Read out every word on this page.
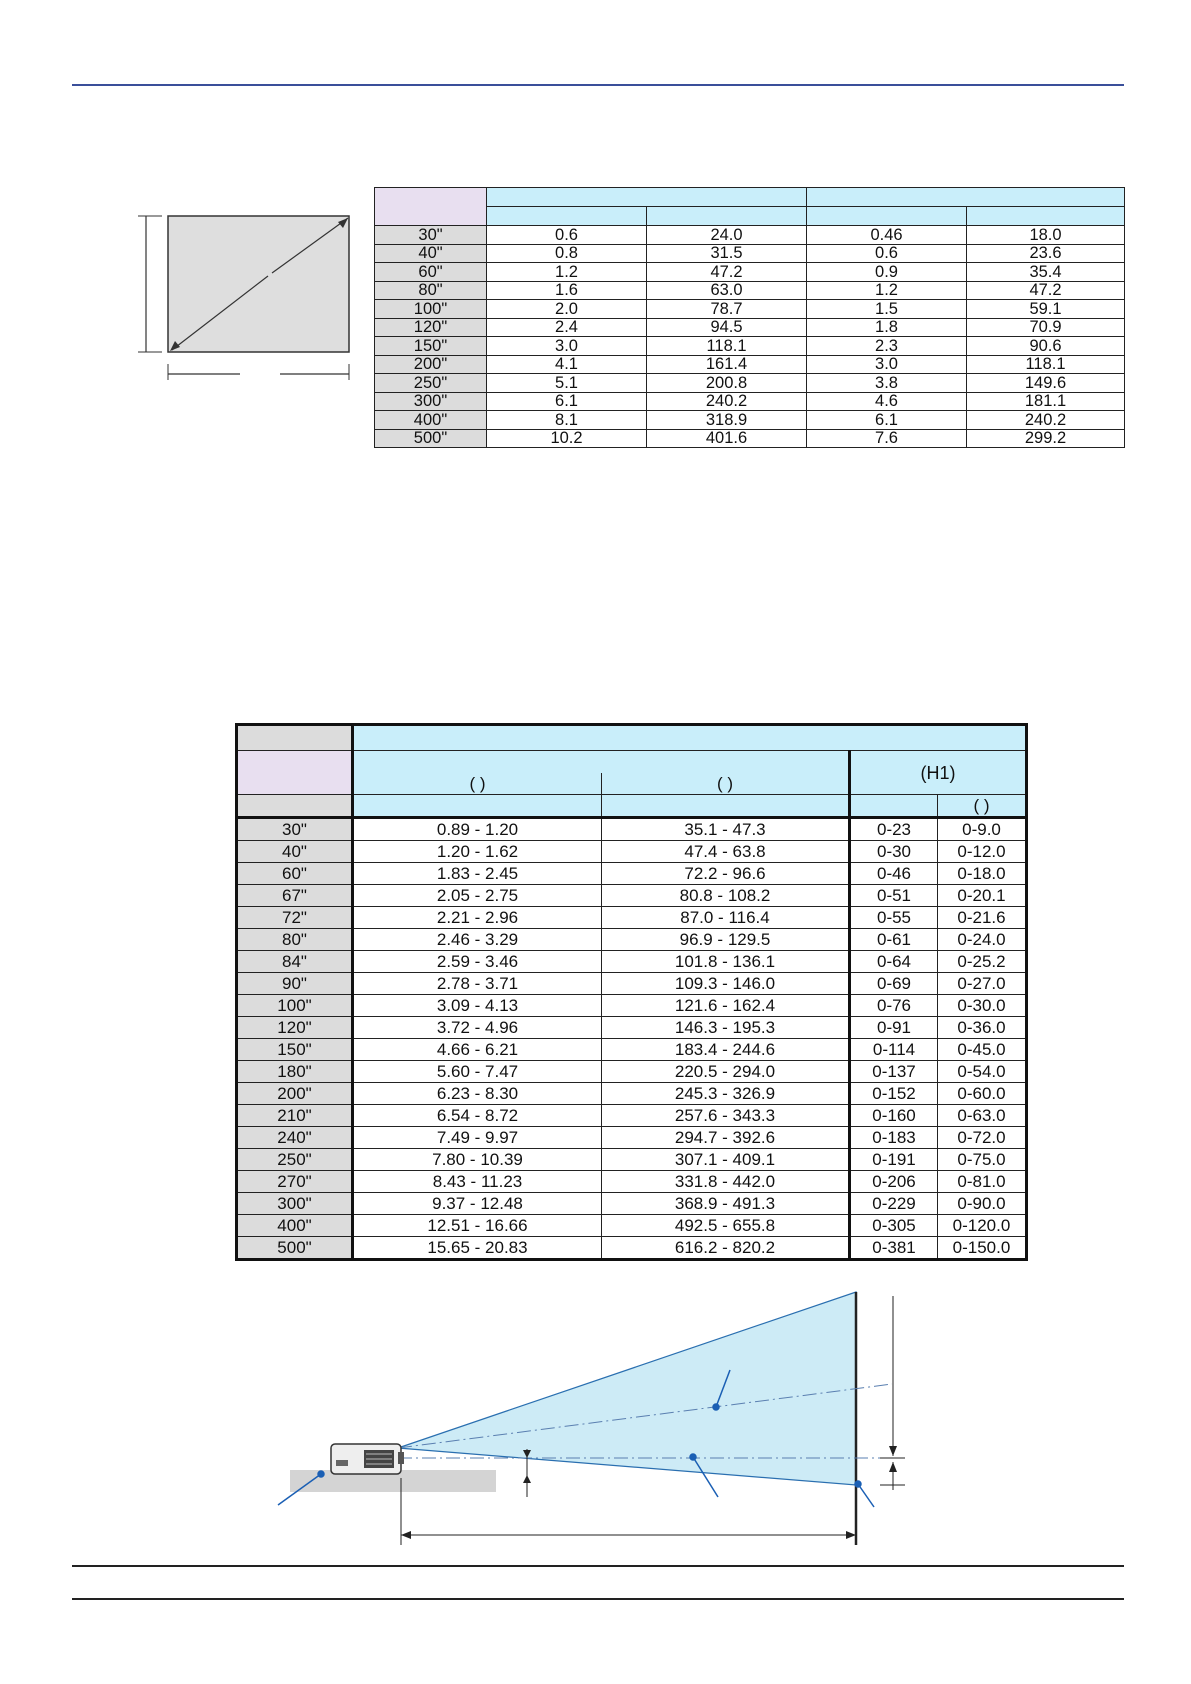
30"	0.6	24.0	0.46	18.0
40"	0.8	31.5	0.6	23.6
60"	1.2	47.2	0.9	35.4
80"	1.6	63.0	1.2	47.2
100"	2.0	78.7	1.5	59.1
120"	2.4	94.5	1.8	70.9
150"	3.0	118.1	2.3	90.6
200"	4.1	161.4	3.0	118.1
250"	5.1	200.8	3.8	149.6
300"	6.1	240.2	4.6	181.1
400"	8.1	318.9	6.1	240.2
500"	10.2	401.6	7.6	299.2

			(H1)	
	( )	( )		
				( )
30"	0.89 - 1.20	35.1 - 47.3	0-23	0-9.0
40"	1.20 - 1.62	47.4 - 63.8	0-30	0-12.0
60"	1.83 - 2.45	72.2 - 96.6	0-46	0-18.0
67"	2.05 - 2.75	80.8 - 108.2	0-51	0-20.1
72"	2.21 - 2.96	87.0 - 116.4	0-55	0-21.6
80"	2.46 - 3.29	96.9 - 129.5	0-61	0-24.0
84"	2.59 - 3.46	101.8 - 136.1	0-64	0-25.2
90"	2.78 - 3.71	109.3 - 146.0	0-69	0-27.0
100"	3.09 - 4.13	121.6 - 162.4	0-76	0-30.0
120"	3.72 - 4.96	146.3 - 195.3	0-91	0-36.0
150"	4.66 - 6.21	183.4 - 244.6	0-114	0-45.0
180"	5.60 - 7.47	220.5 - 294.0	0-137	0-54.0
200"	6.23 - 8.30	245.3 - 326.9	0-152	0-60.0
210"	6.54 - 8.72	257.6 - 343.3	0-160	0-63.0
240"	7.49 - 9.97	294.7 - 392.6	0-183	0-72.0
250"	7.80 - 10.39	307.1 - 409.1	0-191	0-75.0
270"	8.43 - 11.23	331.8 - 442.0	0-206	0-81.0
300"	9.37 - 12.48	368.9 - 491.3	0-229	0-90.0
400"	12.51 - 16.66	492.5 - 655.8	0-305	0-120.0
500"	15.65 - 20.83	616.2 - 820.2	0-381	0-150.0
